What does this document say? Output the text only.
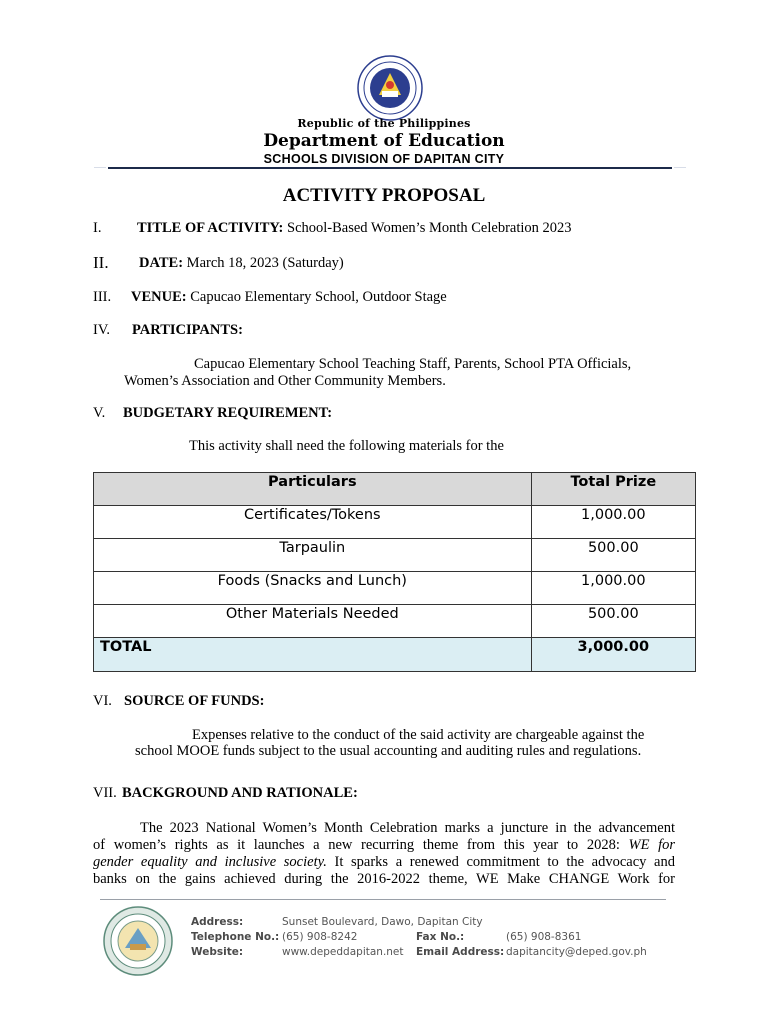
Republic of the Philippines
Department of Education
SCHOOLS DIVISION OF DAPITAN CITY
ACTIVITY PROPOSAL
I. TITLE OF ACTIVITY: School-Based Women’s Month Celebration 2023
II. DATE: March 18, 2023 (Saturday)
III. VENUE: Capucao Elementary School, Outdoor Stage
IV. PARTICIPANTS:
Capucao Elementary School Teaching Staff, Parents, School PTA Officials,
Women’s Association and Other Community Members.
V. BUDGETARY REQUIREMENT:
This activity shall need the following materials for the
Particulars	Total Prize
Certificates/Tokens	1,000.00
Tarpaulin	500.00
Foods (Snacks and Lunch)	1,000.00
Other Materials Needed	500.00
TOTAL	3,000.00
VI. SOURCE OF FUNDS:
Expenses relative to the conduct of the said activity are chargeable against the
school MOOE funds subject to the usual accounting and auditing rules and regulations.
VII. BACKGROUND AND RATIONALE:
The 2023 National Women’s Month Celebration marks a juncture in the advancement
of women’s rights as it launches a new recurring theme from this year to 2028: WE for
gender equality and inclusive society. It sparks a renewed commitment to the advocacy and
banks on the gains achieved during the 2016-2022 theme, WE Make CHANGE Work for
Address:	Sunset Boulevard, Dawo, Dapitan City
Telephone No.: (65) 908-8242	Fax No.:	(65) 908-8361
Website:	www.depeddapitan.net Email Address: dapitancity@deped.gov.ph
